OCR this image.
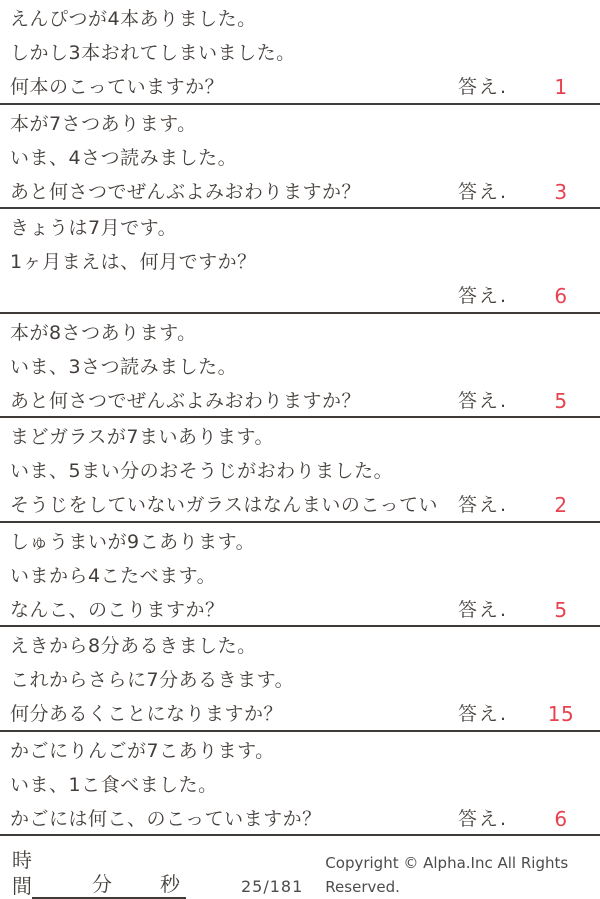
えんぴつが4本ありました。
しかし3本おれてしまいました。
何本のこっていますか？	答え.	1
本が7さつあります。
いま、4さつ読みました。
あと何さつでぜんぶよみおわりますか？	答え.	3
きょうは7月です。
1ヶ月まえは、何月ですか？
答え.	6
本が8さつあります。
いま、3さつ読みました。
あと何さつでぜんぶよみおわりますか？	答え.	5
まどガラスが7まいあります。
いま、5まい分のおそうじがおわりました。
そうじをしていないガラスはなんまいのこってい	答え.	2
しゅうまいが9こあります。
いまから4こたべます。
なんこ、のこりますか？	答え.	5
えきから8分あるきました。
これからさらに7分あるきます。
何分あるくことになりますか？	答え.	15
かごにりんごが7こあります。
いま、1こ食べました。
かごには何こ、のこっていますか？	答え.	6
時間	分 秒	25/181
Copyright © Alpha.Inc All Rights Reserved.
